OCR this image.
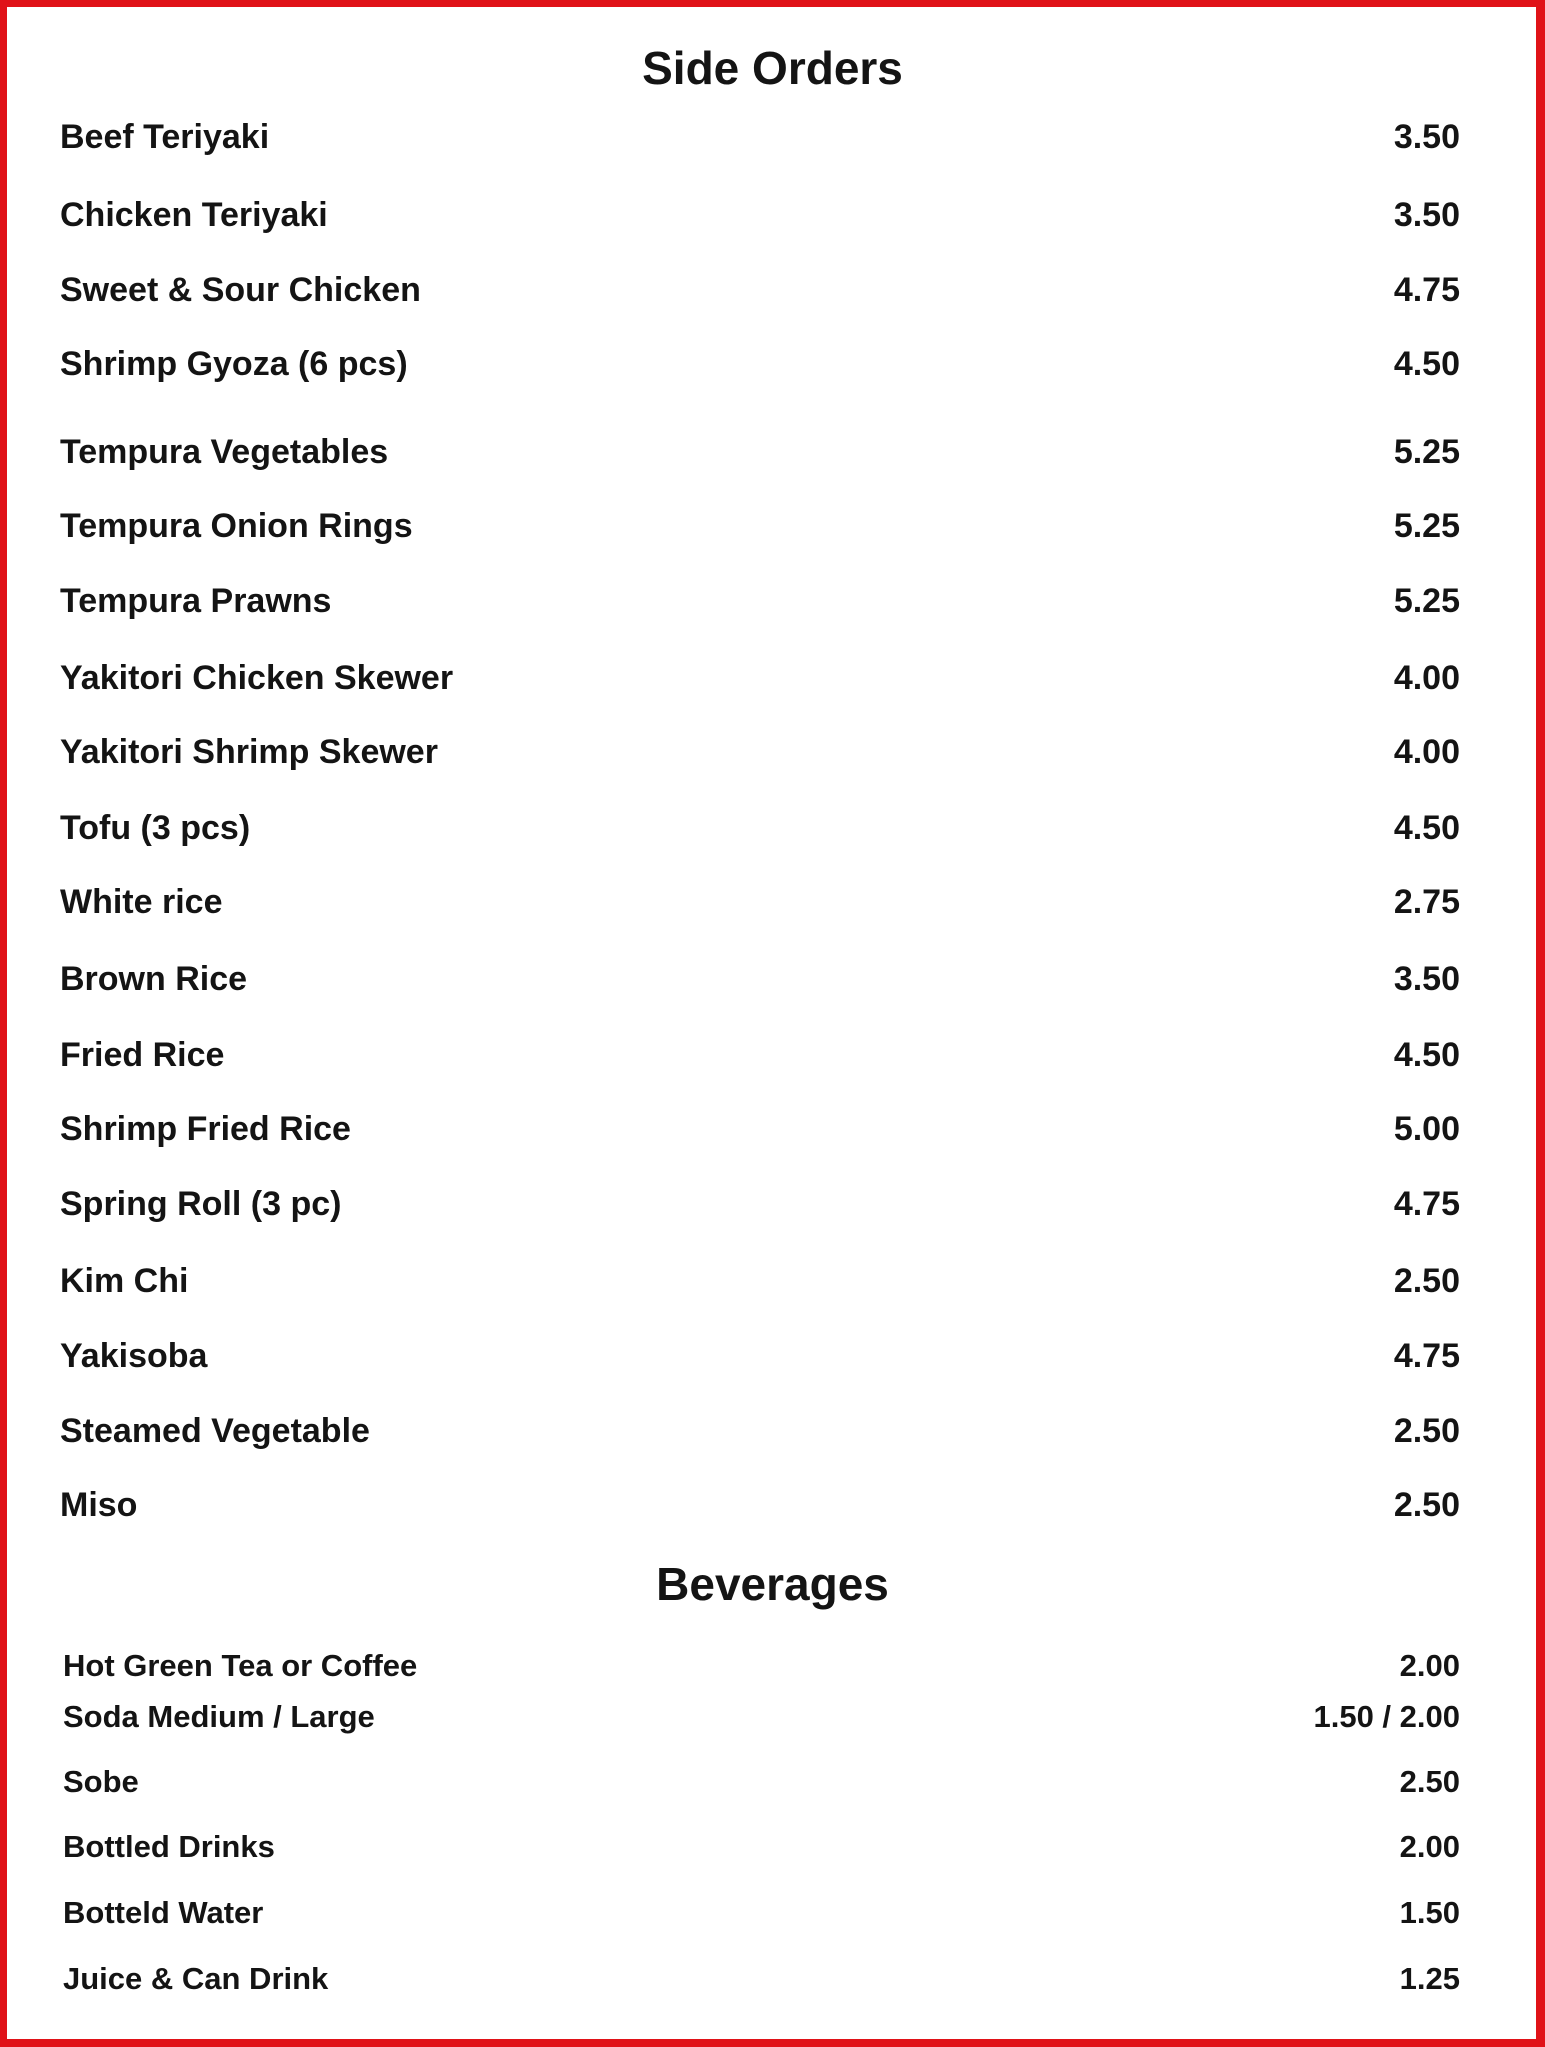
Side Orders
Beef Teriyaki	3.50
Chicken Teriyaki	3.50
Sweet & Sour Chicken	4.75
Shrimp Gyoza (6 pcs)	4.50
Tempura Vegetables	5.25
Tempura Onion Rings	5.25
Tempura Prawns	5.25
Yakitori Chicken Skewer	4.00
Yakitori Shrimp Skewer	4.00
Tofu (3 pcs)	4.50
White rice	2.75
Brown Rice	3.50
Fried Rice	4.50
Shrimp Fried Rice	5.00
Spring Roll (3 pc)	4.75
Kim Chi	2.50
Yakisoba	4.75
Steamed Vegetable	2.50
Miso	2.50
Beverages
Hot Green Tea or Coffee	2.00
Soda Medium / Large	1.50 / 2.00
Sobe	2.50
Bottled Drinks	2.00
Botteld Water	1.50
Juice & Can Drink	1.25
